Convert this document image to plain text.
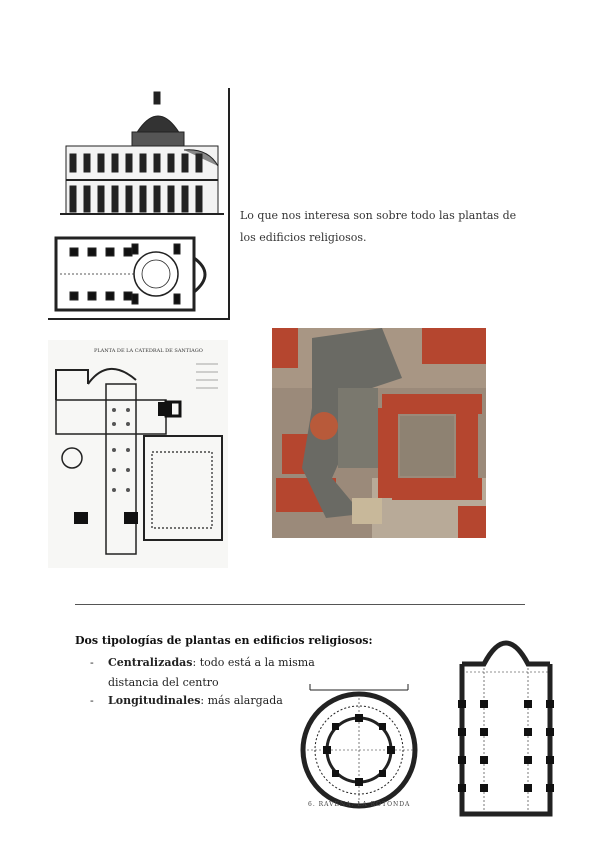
Lo que nos interesa son sobre todo las plantas de los edificios religiosos.
PLANTA DE LA CATEDRAL DE SANTIAGO
Dos tipologías de plantas en edificios religiosos:
- Centralizadas: todo está a la misma
distancia del centro
- Longitudinales: más alargada
6. RAVENA: LA ROTONDA
